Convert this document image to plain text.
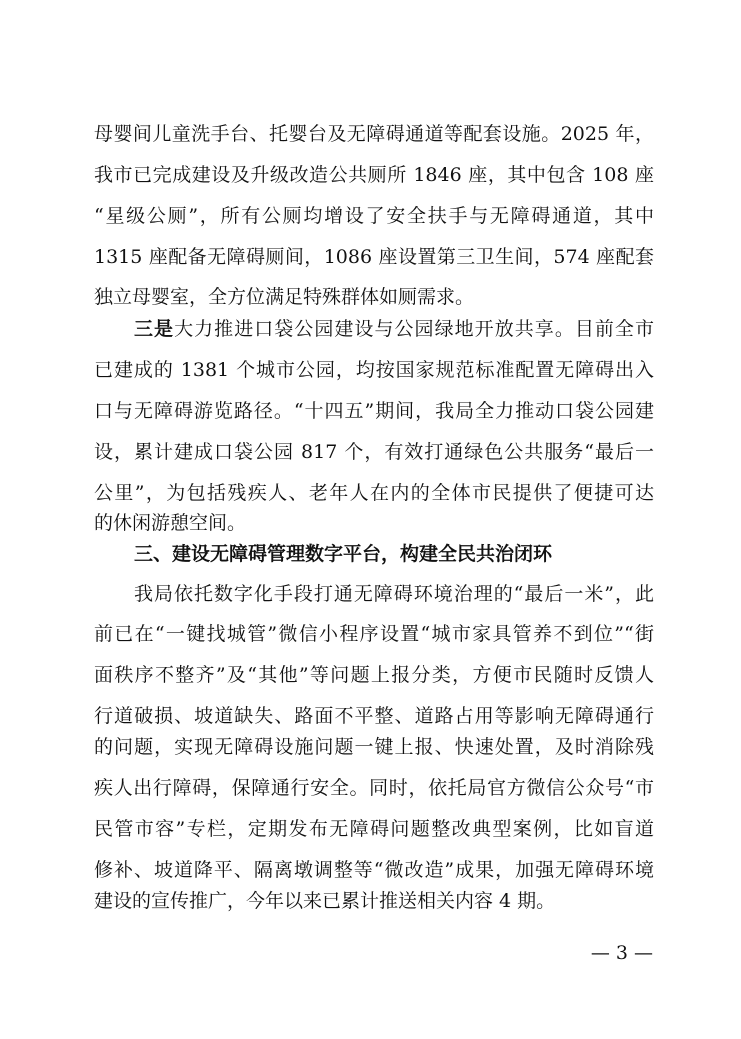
母婴间儿童洗手台、托婴台及无障碍通道等配套设施。2025 年，
我市已完成建设及升级改造公共厕所 1846 座，其中包含 108 座
“星级公厕”，所有公厕均增设了安全扶手与无障碍通道，其中
1315 座配备无障碍厕间，1086 座设置第三卫生间，574 座配套
独立母婴室，全方位满足特殊群体如厕需求。
三是大力推进口袋公园建设与公园绿地开放共享。目前全市
已建成的 1381 个城市公园，均按国家规范标准配置无障碍出入
口与无障碍游览路径。“十四五”期间，我局全力推动口袋公园建
设，累计建成口袋公园 817 个，有效打通绿色公共服务“最后一
公里”，为包括残疾人、老年人在内的全体市民提供了便捷可达
的休闲游憩空间。
三、建设无障碍管理数字平台，构建全民共治闭环
我局依托数字化手段打通无障碍环境治理的“最后一米”，此
前已在“一键找城管”微信小程序设置“城市家具管养不到位”“街
面秩序不整齐”及“其他”等问题上报分类，方便市民随时反馈人
行道破损、坡道缺失、路面不平整、道路占用等影响无障碍通行
的问题，实现无障碍设施问题一键上报、快速处置，及时消除残
疾人出行障碍，保障通行安全。同时，依托局官方微信公众号“市
民管市容”专栏，定期发布无障碍问题整改典型案例，比如盲道
修补、坡道降平、隔离墩调整等“微改造”成果，加强无障碍环境
建设的宣传推广，今年以来已累计推送相关内容 4 期。
— 3 —
